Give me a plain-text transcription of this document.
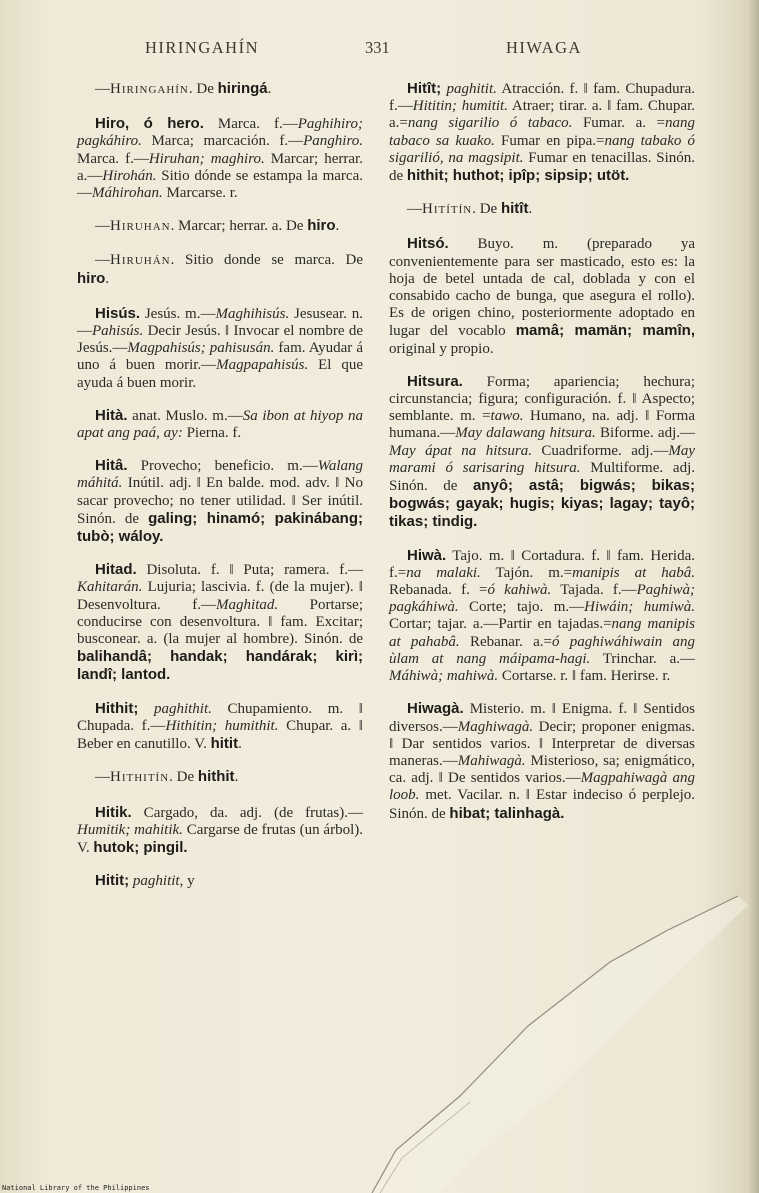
HIRINGAHÍN	331	HIWAGA

—Hiringahín. De hiringá.

Hiro, ó hero. Marca. f.—Paghihiro; pagkáhiro. Marca; marcación. f.—Panghiro. Marca. f.—Hiruhan; maghiro. Marcar; herrar. a.—Hirohán. Sitio dónde se estampa la marca.—Máhirohan. Marcarse. r.

—Hiruhan. Marcar; herrar. a. De hiro.

—Hiruhán. Sitio donde se marca. De hiro.

Hisús. Jesús. m.—Maghihisús. Jesusear. n.—Pahisús. Decir Jesús. ‖ Invocar el nombre de Jesús.—Magpahisús; pahisusán. fam. Ayudar á uno á buen morir.—Magpapahisús. El que ayuda á buen morir.

Hità. anat. Muslo. m.—Sa ibon at hiyop na apat ang paá, ay: Pierna. f.

Hitâ. Provecho; beneficio. m.—Walang máhitá. Inútil. adj. ‖ En balde. mod. adv. ‖ No sacar provecho; no tener utilidad. ‖ Ser inútil. Sinón. de galing; hinamó; pakinábang; tubò; wáloy.

Hitad. Disoluta. f. ‖ Puta; ramera. f.—Kahitarán. Lujuria; lascivia. f. (de la mujer). ‖ Desenvoltura. f.—Maghitad. Portarse; conducirse con desenvoltura. ‖ fam. Excitar; busconear. a. (la mujer al hombre). Sinón. de balihandâ; handak; handárak; kirì; landî; lantod.

Hithit; paghithit. Chupamiento. m. ‖ Chupada. f.—Hithitin; humithit. Chupar. a. ‖ Beber en canutillo. V. hitit.

—Hithitín. De hithit.

Hitik. Cargado, da. adj. (de frutas).—Humitik; mahitik. Cargarse de frutas (un árbol). V. hutok; pingil.

Hitit; paghitit, y

Hitît; paghitit. Atracción. f. ‖ fam. Chupadura. f.—Hititin; humitit. Atraer; tirar. a. ‖ fam. Chupar. a.=nang sigarilio ó tabaco. Fumar. a. =nang tabaco sa kuako. Fumar en pipa.=nang tabako ó sigarilió, na magsipit. Fumar en tenacillas. Sinón. de hithit; huthot; ipîp; sipsip; utöt.

—Hitítín. De hitît.

Hitsó. Buyo. m. (preparado ya convenientemente para ser masticado, esto es: la hoja de betel untada de cal, doblada y con el consabido cacho de bunga, que asegura el rollo). Es de origen chino, posteriormente adoptado en lugar del vocablo mamâ; mamän; mamîn, original y propio.

Hitsura. Forma; apariencia; hechura; circunstancia; figura; configuración. f. ‖ Aspecto; semblante. m. =tawo. Humano, na. adj. ‖ Forma humana.—May dalawang hitsura. Biforme. adj.—May ápat na hitsura. Cuadriforme. adj.—May marami ó sarisaring hitsura. Multiforme. adj. Sinón. de anyô; astâ; bigwás; bikas; bogwás; gayak; hugis; kiyas; lagay; tayô; tikas; tindig.

Hiwà. Tajo. m. ‖ Cortadura. f. ‖ fam. Herida. f.=na malaki. Tajón. m.=manipis at habâ. Rebanada. f. =ó kahiwà. Tajada. f.—Paghiwà; pagkáhiwà. Corte; tajo. m.—Hiwáin; humiwà. Cortar; tajar. a.—Partir en tajadas.=nang manipis at pahabâ. Rebanar. a.=ó paghiwáhiwain ang ùlam at nang máipama-hagi. Trinchar. a.—Máhiwà; mahiwà. Cortarse. r. ‖ fam. Herirse. r.

Hiwagà. Misterio. m. ‖ Enigma. f. ‖ Sentidos diversos.—Maghiwagà. Decir; proponer enigmas. ‖ Dar sentidos varios. ‖ Interpretar de diversas maneras.—Mahiwagà. Misterioso, sa; enigmático, ca. adj. ‖ De sentidos varios.—Magpahiwagà ang loob. met. Vacilar. n. ‖ Estar indeciso ó perplejo. Sinón. de hibat; talinhagà.

National Library of the Philippines
